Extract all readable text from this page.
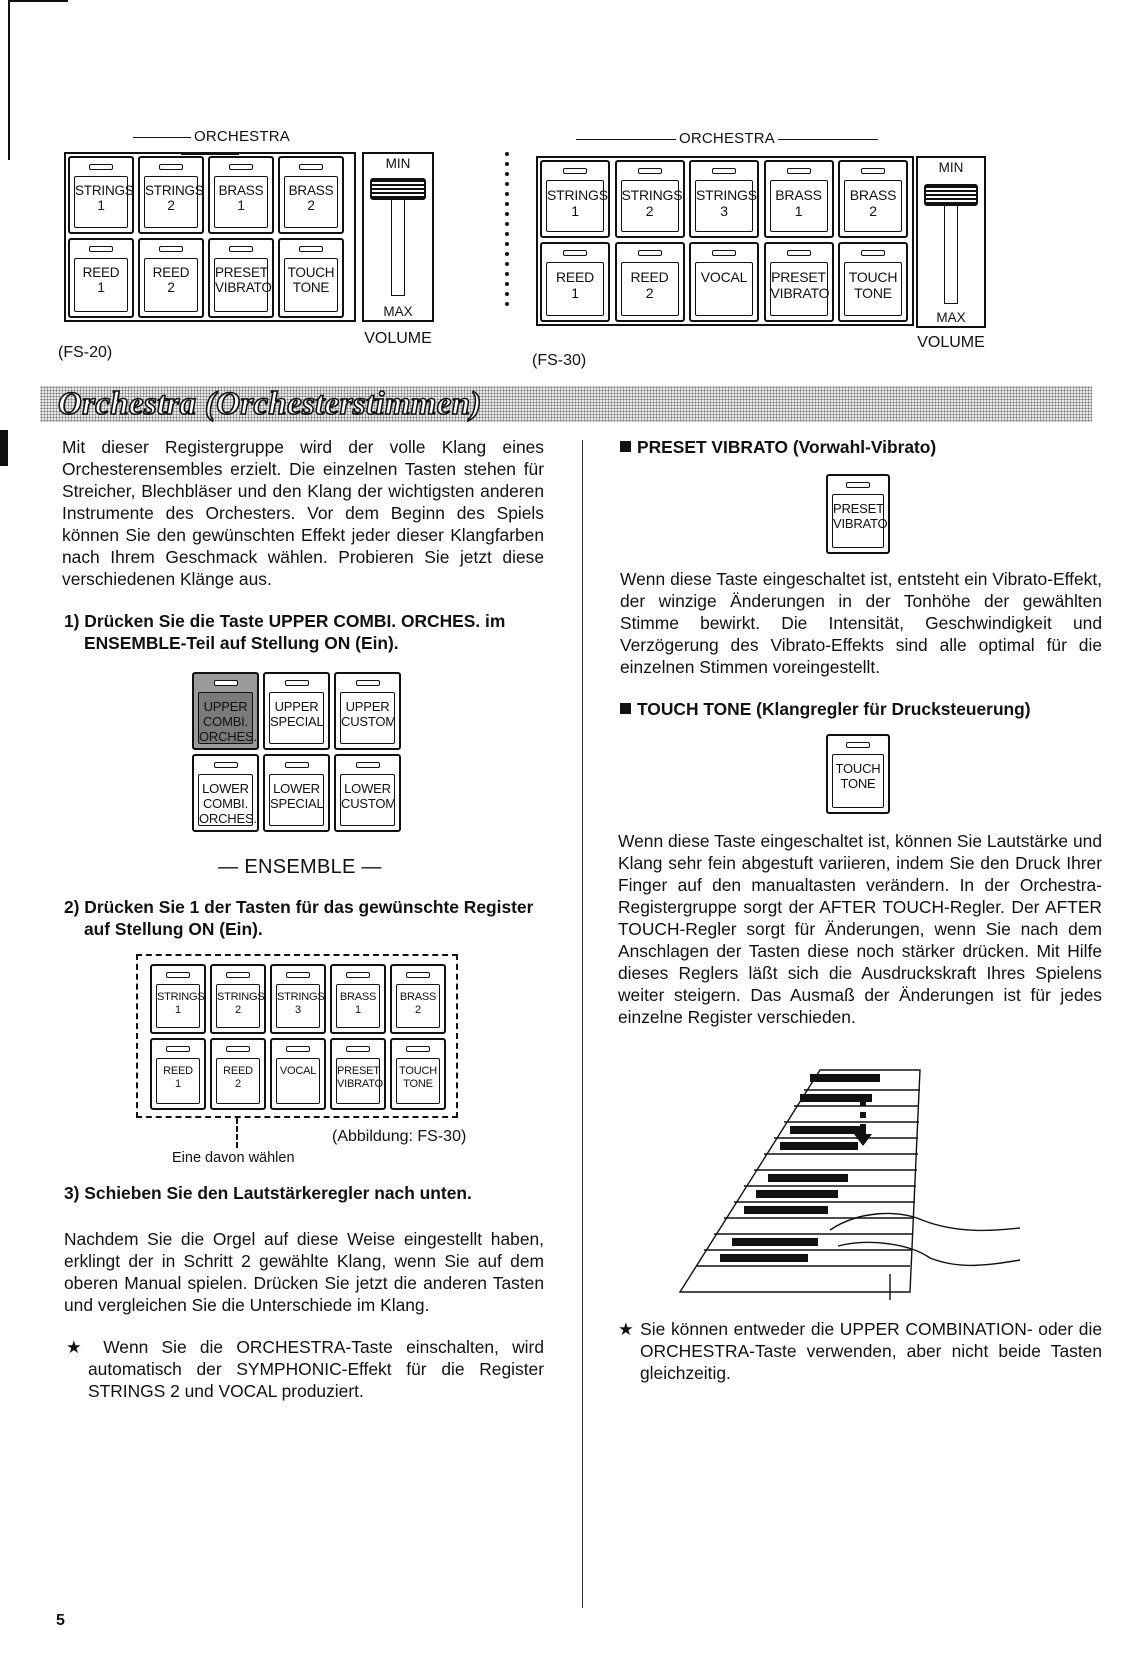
ORCHESTRA
STRINGS
1
STRINGS
2
BRASS
1
BRASS
2
REED
1
REED
2
PRESET
VIBRATO
TOUCH
TONE
MIN
MAX
VOLUME
(FS-20)
ORCHESTRA
STRINGS
1
STRINGS
2
STRINGS
3
BRASS
1
BRASS
2
REED
1
REED
2
VOCAL	PRESET
VIBRATO
TOUCH
TONE
MIN
MAX
VOLUME
(FS-30)
Orchestra (Orchesterstimmen)
Mit dieser Registergruppe wird der volle Klang eines Orchesterensembles erzielt. Die einzelnen Tasten stehen für Streicher, Blechbläser und den Klang der wichtigsten anderen Instrumente des Orchesters. Vor dem Beginn des Spiels können Sie den gewünschten Effekt jeder dieser Klangfarben nach Ihrem Geschmack wählen. Probieren Sie jetzt diese verschiedenen Klänge aus.
1) Drücken Sie die Taste UPPER COMBI. ORCHES. im ENSEMBLE-Teil auf Stellung ON (Ein).
UPPER
COMBI.
ORCHES.
UPPER
SPECIAL
UPPER
CUSTOM
LOWER
COMBI.
ORCHES.
LOWER
SPECIAL
LOWER
CUSTOM
— ENSEMBLE —
2) Drücken Sie 1 der Tasten für das gewünschte Register auf Stellung ON (Ein).
STRINGS
1
STRINGS
2
STRINGS
3
BRASS
1
BRASS
2
REED
1
REED
2
VOCAL	PRESET
VIBRATO
TOUCH
TONE
Eine davon wählen
(Abbildung: FS-30)
3) Schieben Sie den Lautstärkeregler nach unten.
Nachdem Sie die Orgel auf diese Weise eingestellt haben, erklingt der in Schritt 2 gewählte Klang, wenn Sie auf dem oberen Manual spielen. Drücken Sie jetzt die anderen Tasten und vergleichen Sie die Unterschiede im Klang.
★ Wenn Sie die ORCHESTRA-Taste einschalten, wird automatisch der SYMPHONIC-Effekt für die Register STRINGS 2 und VOCAL produziert.
PRESET VIBRATO (Vorwahl-Vibrato)
PRESET
VIBRATO
Wenn diese Taste eingeschaltet ist, entsteht ein Vibrato-Effekt, der winzige Änderungen in der Tonhöhe der gewählten Stimme bewirkt. Die Intensität, Geschwindigkeit und Verzögerung des Vibrato-Effekts sind alle optimal für die einzelnen Stimmen voreingestellt.
TOUCH TONE (Klangregler für Drucksteuerung)
TOUCH
TONE
Wenn diese Taste eingeschaltet ist, können Sie Lautstärke und Klang sehr fein abgestuft variieren, indem Sie den Druck Ihrer Finger auf den manualtasten verändern. In der Orchestra-Registergruppe sorgt der AFTER TOUCH-Regler. Der AFTER TOUCH-Regler sorgt für Änderungen, wenn Sie nach dem Anschlagen der Tasten diese noch stärker drücken. Mit Hilfe dieses Reglers läßt sich die Ausdruckskraft Ihres Spielens weiter steigern. Das Ausmaß der Änderungen ist für jedes einzelne Register verschieden.
★ Sie können entweder die UPPER COMBINATION- oder die ORCHESTRA-Taste verwenden, aber nicht beide Tasten gleichzeitig.
5
